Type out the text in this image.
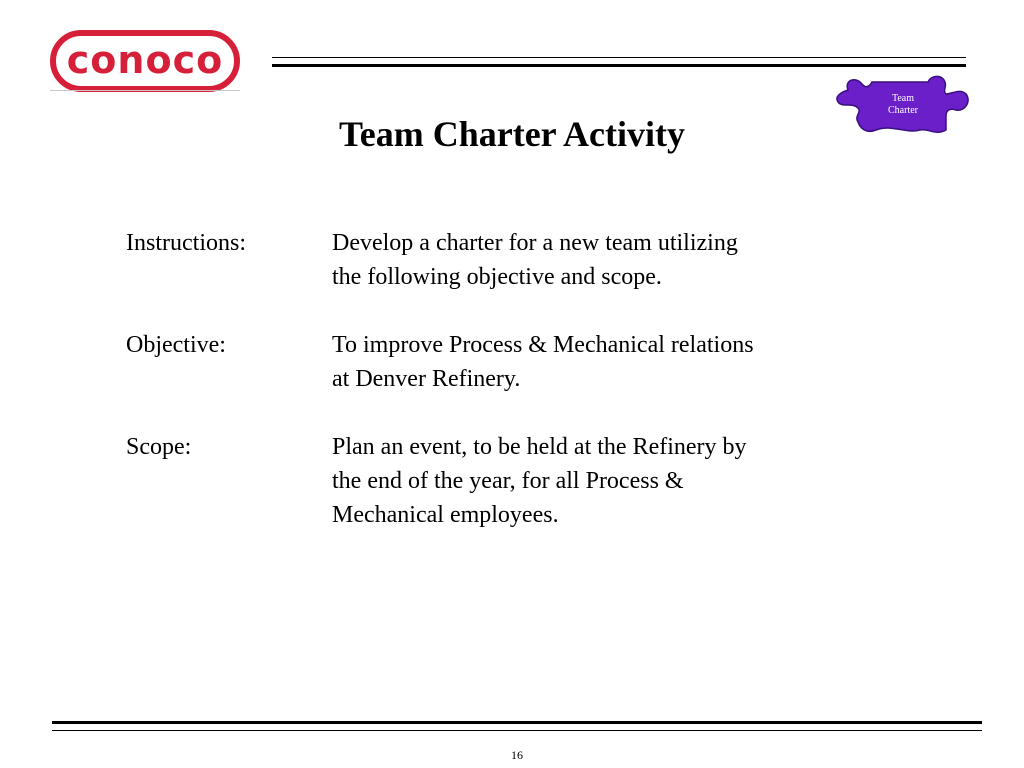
conoco
Team
Charter
Team Charter Activity
Instructions:	Develop a charter for a new team utilizing
the following objective and scope.
Objective:	To improve Process & Mechanical relations
at Denver Refinery.
Scope:	Plan an event, to be held at the Refinery by
the end of the year, for all Process &
Mechanical employees.
16
